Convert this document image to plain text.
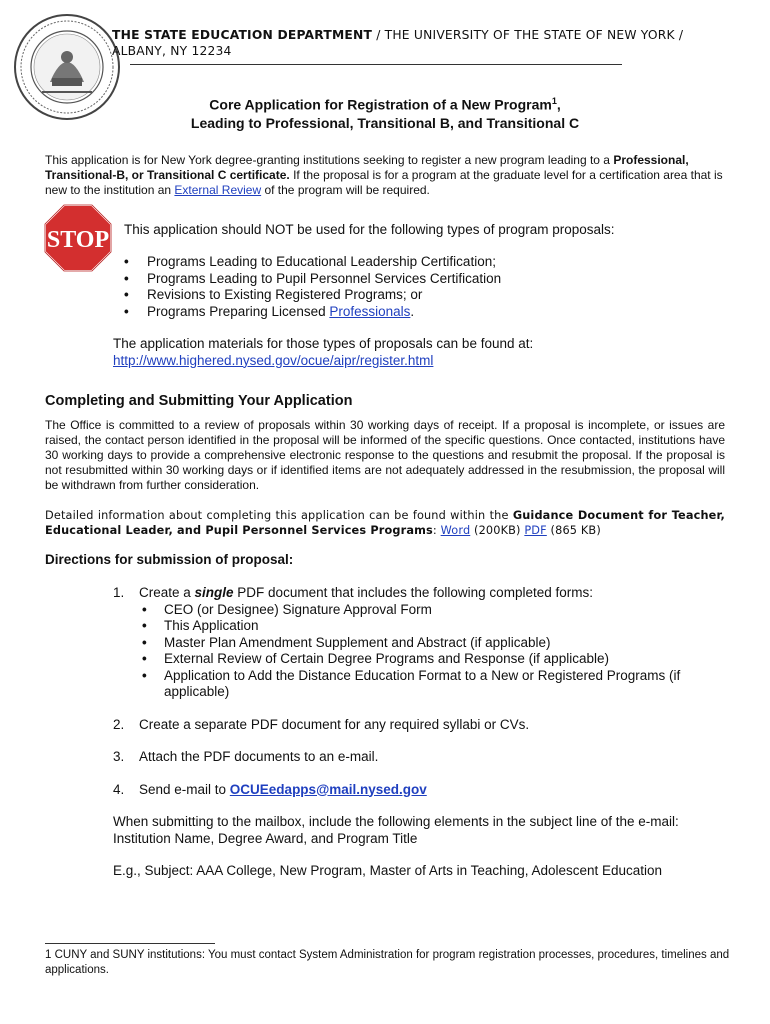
THE STATE EDUCATION DEPARTMENT / THE UNIVERSITY OF THE STATE OF NEW YORK / ALBANY, NY 12234
Core Application for Registration of a New Program$^1$,
Leading to Professional, Transitional B, and Transitional C
This application is for New York degree-granting institutions seeking to register a new program leading to a Professional, Transitional-B, or Transitional C certificate. If the proposal is for a program at the graduate level for a certification area that is new to the institution an External Review of the program will be required.
STOP This application should NOT be used for the following types of program proposals:
• Programs Leading to Educational Leadership Certification;
• Programs Leading to Pupil Personnel Services Certification
• Revisions to Existing Registered Programs; or
• Programs Preparing Licensed Professionals.
The application materials for those types of proposals can be found at:
http://www.highered.nysed.gov/ocue/aipr/register.html
Completing and Submitting Your Application
The Office is committed to a review of proposals within 30 working days of receipt. If a proposal is incomplete, or issues are raised, the contact person identified in the proposal will be informed of the specific questions. Once contacted, institutions have 30 working days to provide a comprehensive electronic response to the questions and resubmit the proposal. If the proposal is not resubmitted within 30 working days or if identified items are not adequately addressed in the resubmission, the proposal will be withdrawn from further consideration.
Detailed information about completing this application can be found within the Guidance Document for Teacher, Educational Leader, and Pupil Personnel Services Programs: Word (200KB) PDF (865 KB)
Directions for submission of proposal:
1. Create a single PDF document that includes the following completed forms:
• CEO (or Designee) Signature Approval Form
• This Application
• Master Plan Amendment Supplement and Abstract (if applicable)
• External Review of Certain Degree Programs and Response (if applicable)
• Application to Add the Distance Education Format to a New or Registered Programs (if applicable)
2. Create a separate PDF document for any required syllabi or CVs.
3. Attach the PDF documents to an e-mail.
4. Send e-mail to OCUEedapps@mail.nysed.gov
When submitting to the mailbox, include the following elements in the subject line of the e-mail: Institution Name, Degree Award, and Program Title
E.g., Subject: AAA College, New Program, Master of Arts in Teaching, Adolescent Education
1 CUNY and SUNY institutions: You must contact System Administration for program registration processes, procedures, timelines and applications.
